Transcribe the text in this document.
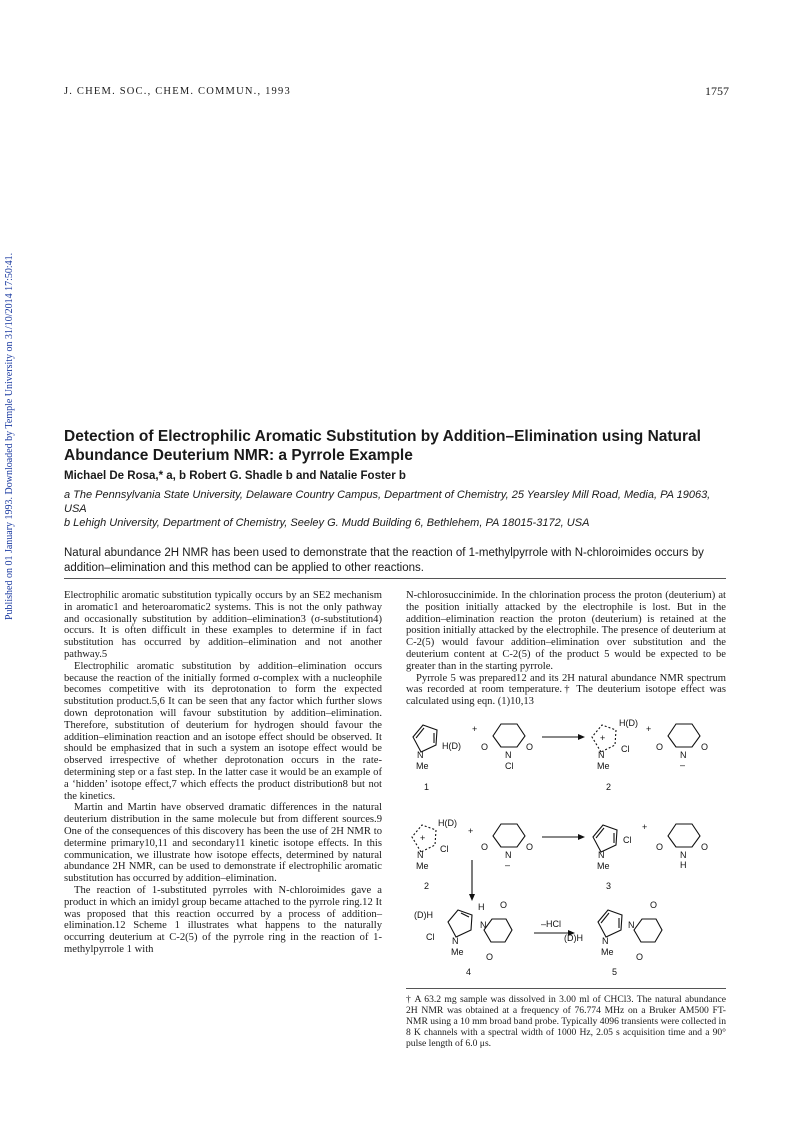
J. CHEM. SOC., CHEM. COMMUN., 1993	1757
Published on 01 January 1993. Downloaded by Temple University on 31/10/2014 17:50:41.	Detection of Electrophilic Aromatic Substitution by Addition–Elimination using Natural Abundance Deuterium NMR: a Pyrrole Example
Michael De Rosa,* a, b Robert G. Shadle b and Natalie Foster b
a The Pennsylvania State University, Delaware Country Campus, Department of Chemistry, 25 Yearsley Mill Road, Media, PA 19063, USA
b Lehigh University, Department of Chemistry, Seeley G. Mudd Building 6, Bethlehem, PA 18015-3172, USA
Natural abundance 2H NMR has been used to demonstrate that the reaction of 1-methylpyrrole with N-chloroimides occurs by addition–elimination and this method can be applied to other reactions.

Electrophilic aromatic substitution typically occurs by an SE2 mechanism in aromatic1 and heteroaromatic2 systems. This is not the only pathway and occasionally substitution by addition–elimination3 (σ-substitution4) occurs. It is often difficult in these examples to determine if in fact substitution has occurred by addition–elimination and not another pathway.5

Electrophilic aromatic substitution by addition–elimination occurs because the reaction of the initially formed σ-complex with a nucleophile becomes competitive with its deprotonation to form the expected substitution product.5,6 It can be seen that any factor which further slows down deprotonation will favour substitution by addition–elimination. Therefore, substitution of deuterium for hydrogen should favour the addition–elimination reaction and an isotope effect should be observed. It should be emphasized that in such a system an isotope effect would be observed irrespective of whether deprotonation occurs in the rate-determining step or a fast step. In the latter case it would be an example of a ‘hidden’ isotope effect,7 which effects the product distribution8 but not the kinetics.

Martin and Martin have observed dramatic differences in the natural deuterium distribution in the same molecule but from different sources.9 One of the consequences of this discovery has been the use of 2H NMR to determine primary10,11 and secondary11 kinetic isotope effects. In this communication, we illustrate how isotope effects, determined by natural abundance 2H NMR, can be used to demonstrate if electrophilic aromatic substitution has occurred by addition–elimination.

The reaction of 1-substituted pyrroles with N-chloroimides gave a product in which an imidyl group became attached to the pyrrole ring.12 It was proposed that this reaction occurred by a process of addition–elimination.12 Scheme 1 illustrates what happens to the naturally occurring deuterium at C-2(5) of the pyrrole ring in the reaction of 1-methylpyrrole 1 with

N-chlorosuccinimide. In the chlorination process the proton (deuterium) at the position initially attacked by the electrophile is lost. But in the addition–elimination reaction the proton (deuterium) is retained at the position initially attacked by the electrophile. The presence of deuterium at C-2(5) would favour addition–elimination over substitution and the deuterium content at C-2(5) of the product 5 would be expected to be greater than in the starting pyrrole.

Pyrrole 5 was prepared12 and its 2H natural abundance NMR spectrum was recorded at room temperature.† The deuterium isotope effect was calculated using eqn. (1)10,13

N
Me
H(D)
1
+
O	O
N
Cl
+
N
Me
H(D)
Cl
+
2
O	O
N
–
+
N
Me
H(D)
Cl
+
2
O	O
N
–
N
Me
Cl
+
3
O	O
N
H
(D)H
Cl N
Me
H
N
O
O
4
–HCl
(D)H N
Me
N
O
O
5
† A 63.2 mg sample was dissolved in 3.00 ml of CHCl3. The natural abundance 2H NMR was obtained at a frequency of 76.774 MHz on a Bruker AM500 FT-NMR using a 10 mm broad band probe. Typically 4096 transients were collected in 8 K channels with a spectral width of 1000 Hz, 2.05 s acquisition time and a 90° pulse length of 6.0 μs.
